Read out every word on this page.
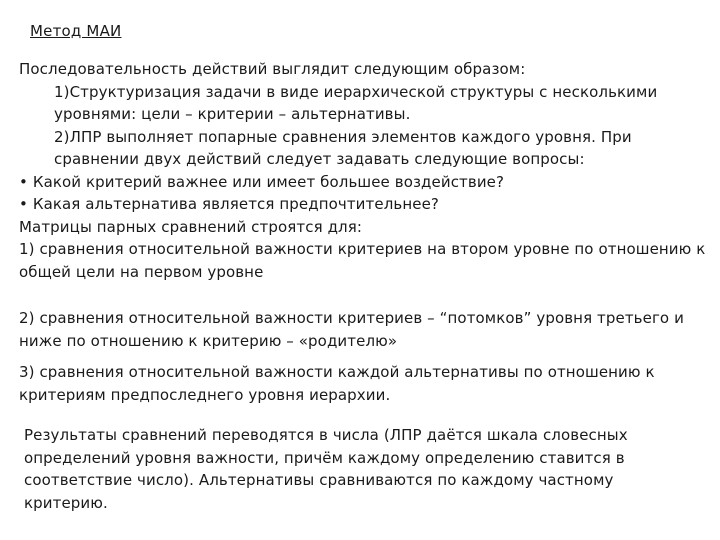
Метод МАИ

Последовательность действий выглядит следующим образом:

1)Структуризация задачи в виде иерархической структуры с несколькими уровнями: цели – критерии – альтернативы.

2)ЛПР выполняет попарные сравнения элементов каждого уровня. При сравнении двух действий следует задавать следующие вопросы:

• Какой критерий важнее или имеет большее воздействие?

• Какая альтернатива является предпочтительнее?

Матрицы парных сравнений строятся для:

1) сравнения относительной важности критериев на втором уровне по отношению к общей цели на первом уровне

2) сравнения относительной важности критериев – “потомков” уровня третьего и ниже по отношению к критерию – «родителю»

3) сравнения относительной важности каждой альтернативы по отношению к критериям предпоследнего уровня иерархии.

Результаты сравнений переводятся в числа (ЛПР даётся шкала словесных определений уровня важности, причём каждому определению ставится в соответствие число). Альтернативы сравниваются по каждому частному критерию.
